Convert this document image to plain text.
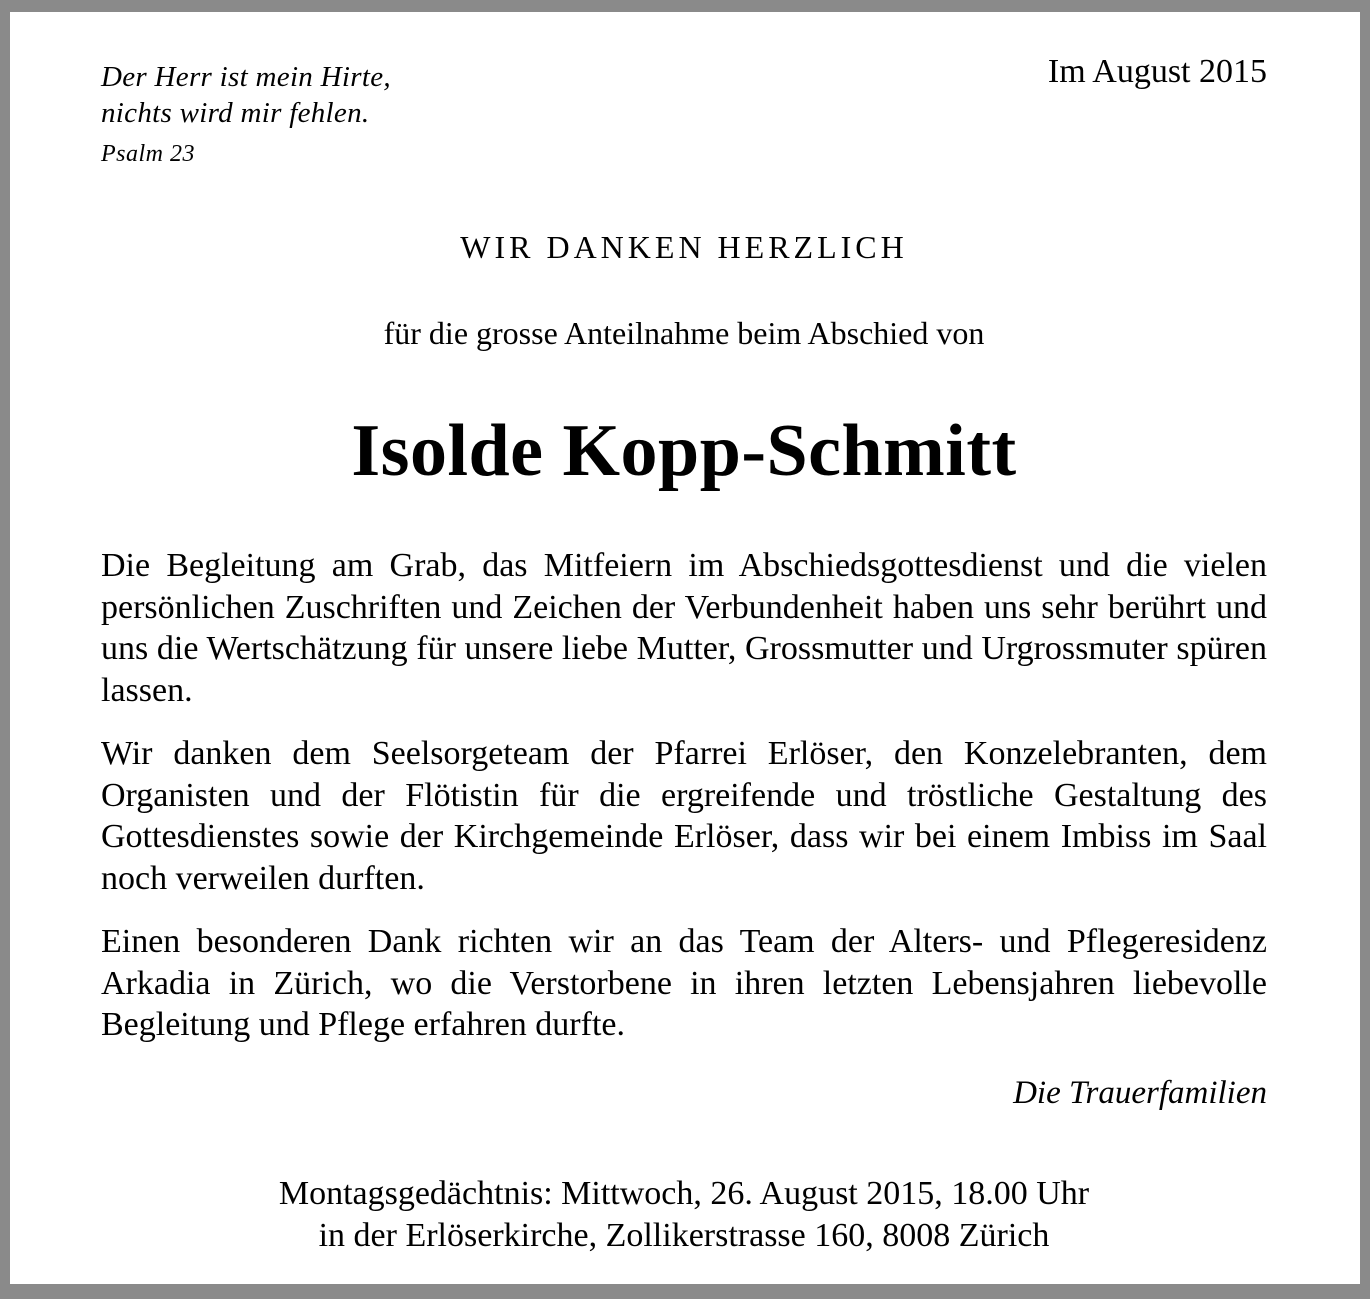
Der Herr ist mein Hirte,
nichts wird mir fehlen.
Psalm 23
Im August 2015
WIR DANKEN HERZLICH
für die grosse Anteilnahme beim Abschied von
Isolde Kopp-Schmitt

Die Begleitung am Grab, das Mitfeiern im Abschiedsgottesdienst und die vielen persönlichen Zuschriften und Zeichen der Verbundenheit haben uns sehr berührt und uns die Wertschätzung für unsere liebe Mutter, Grossmutter und Urgrossmuter spüren lassen.

Wir danken dem Seelsorgeteam der Pfarrei Erlöser, den Konzelebranten, dem Organisten und der Flötistin für die ergreifende und tröstliche Gestaltung des Gottesdienstes sowie der Kirchgemeinde Erlöser, dass wir bei einem Imbiss im Saal noch verweilen durften.

Einen besonderen Dank richten wir an das Team der Alters- und Pflegeresidenz Arkadia in Zürich, wo die Verstorbene in ihren letzten Lebensjahren liebevolle Begleitung und Pflege erfahren durfte.

Die Trauerfamilien
Montagsgedächtnis: Mittwoch, 26. August 2015, 18.00 Uhr
in der Erlöserkirche, Zollikerstrasse 160, 8008 Zürich
